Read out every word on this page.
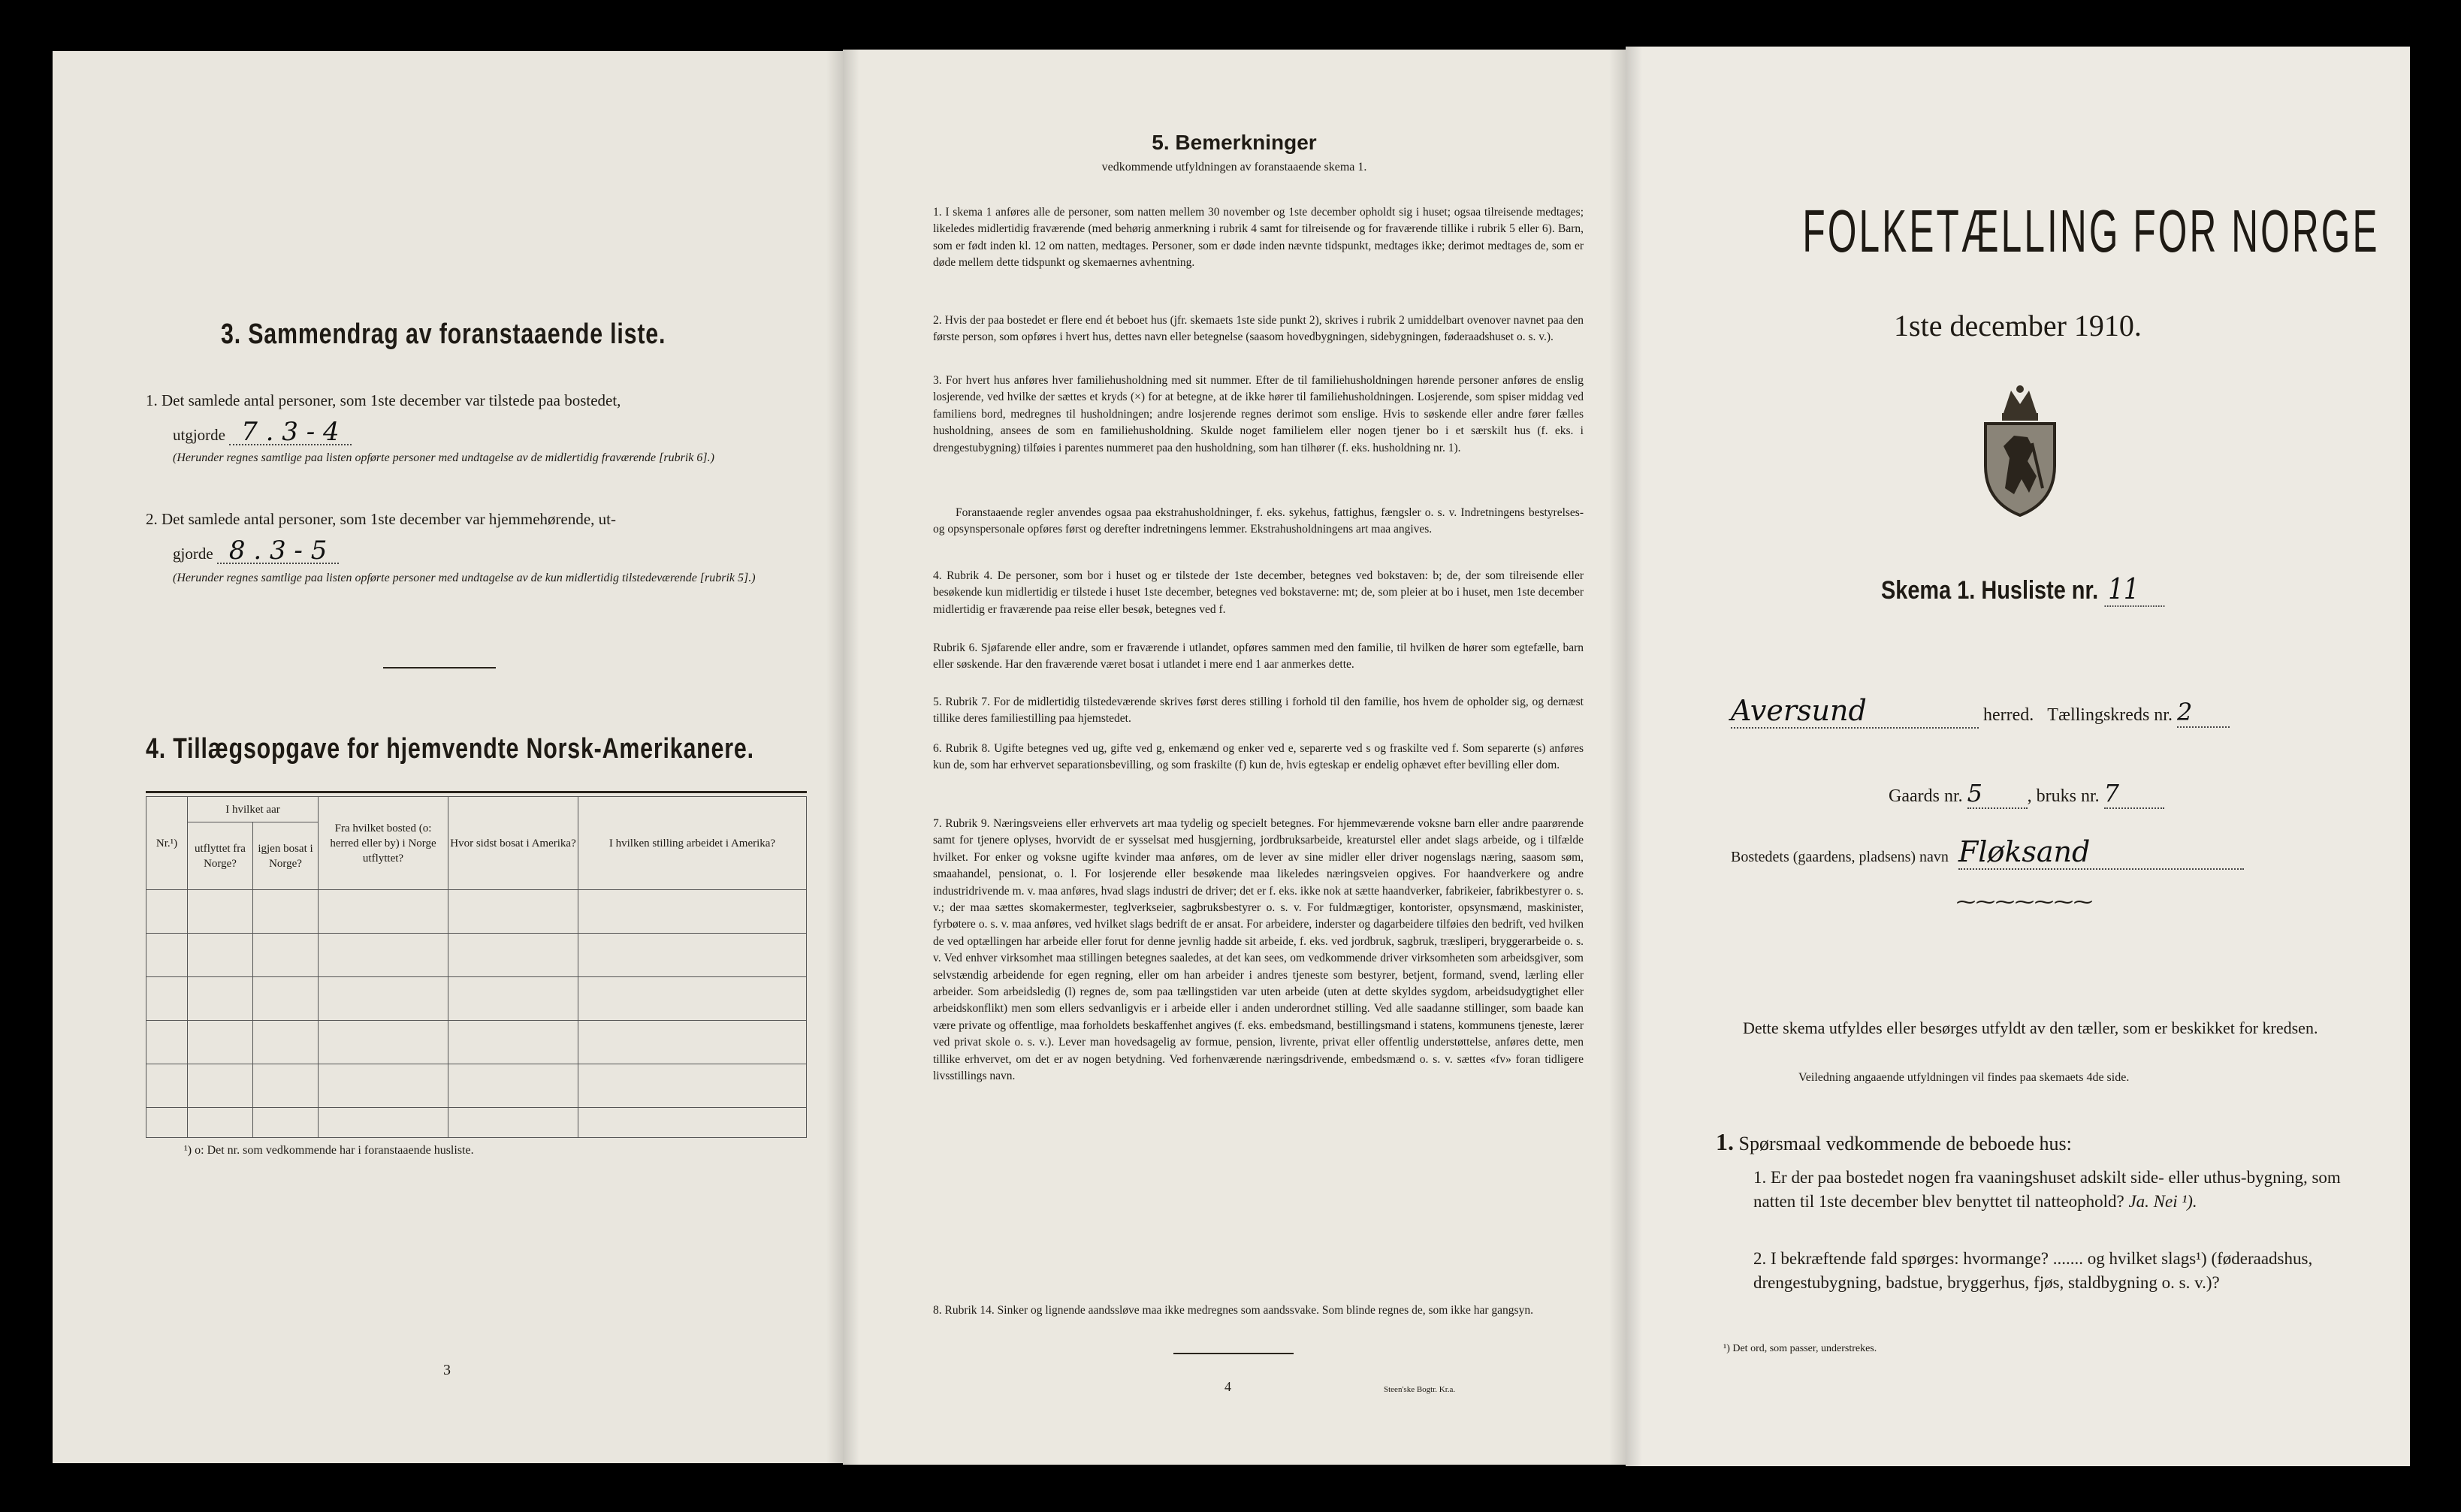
3. Sammendrag av foranstaaende liste.
1. Det samlede antal personer, som 1ste december var tilstede paa bostedet,
utgjorde 7 . 3 - 4
(Herunder regnes samtlige paa listen opførte personer med undtagelse av de midlertidig fraværende [rubrik 6].)
2. Det samlede antal personer, som 1ste december var hjemmehørende, ut-
gjorde 8 . 3 - 5
(Herunder regnes samtlige paa listen opførte personer med undtagelse av de kun midlertidig tilstedeværende [rubrik 5].)
4. Tillægsopgave for hjemvendte Norsk-Amerikanere.
Nr.¹)	I hvilket aar		Fra hvilket bosted (o: herred eller by) i Norge utflyttet?	Hvor sidst bosat i Amerika?	I hvilken stilling arbeidet i Amerika?
	utflyttet fra Norge?	igjen bosat i Norge?			

¹) o: Det nr. som vedkommende har i foranstaaende husliste.
3
5. Bemerkninger
vedkommende utfyldningen av foranstaaende skema 1.
1. I skema 1 anføres alle de personer, som natten mellem 30 november og 1ste december opholdt sig i huset; ogsaa tilreisende medtages; likeledes midlertidig fraværende (med behørig anmerkning i rubrik 4 samt for tilreisende og for fraværende tillike i rubrik 5 eller 6). Barn, som er født inden kl. 12 om natten, medtages. Personer, som er døde inden nævnte tidspunkt, medtages ikke; derimot medtages de, som er døde mellem dette tidspunkt og skemaernes avhentning.
2. Hvis der paa bostedet er flere end ét beboet hus (jfr. skemaets 1ste side punkt 2), skrives i rubrik 2 umiddelbart ovenover navnet paa den første person, som opføres i hvert hus, dettes navn eller betegnelse (saasom hovedbygningen, sidebygningen, føderaadshuset o. s. v.).
3. For hvert hus anføres hver familiehusholdning med sit nummer. Efter de til familiehusholdningen hørende personer anføres de enslig losjerende, ved hvilke der sættes et kryds (×) for at betegne, at de ikke hører til familiehusholdningen. Losjerende, som spiser middag ved familiens bord, medregnes til husholdningen; andre losjerende regnes derimot som enslige. Hvis to søskende eller andre fører fælles husholdning, ansees de som en familiehusholdning. Skulde noget familielem eller nogen tjener bo i et særskilt hus (f. eks. i drengestubygning) tilføies i parentes nummeret paa den husholdning, som han tilhører (f. eks. husholdning nr. 1).
Foranstaaende regler anvendes ogsaa paa ekstrahusholdninger, f. eks. sykehus, fattighus, fængsler o. s. v. Indretningens bestyrelses- og opsynspersonale opføres først og derefter indretningens lemmer. Ekstrahusholdningens art maa angives.
4. Rubrik 4. De personer, som bor i huset og er tilstede der 1ste december, betegnes ved bokstaven: b; de, der som tilreisende eller besøkende kun midlertidig er tilstede i huset 1ste december, betegnes ved bokstaverne: mt; de, som pleier at bo i huset, men 1ste december midlertidig er fraværende paa reise eller besøk, betegnes ved f.
Rubrik 6. Sjøfarende eller andre, som er fraværende i utlandet, opføres sammen med den familie, til hvilken de hører som egtefælle, barn eller søskende. Har den fraværende været bosat i utlandet i mere end 1 aar anmerkes dette.
5. Rubrik 7. For de midlertidig tilstedeværende skrives først deres stilling i forhold til den familie, hos hvem de opholder sig, og dernæst tillike deres familiestilling paa hjemstedet.
6. Rubrik 8. Ugifte betegnes ved ug, gifte ved g, enkemænd og enker ved e, separerte ved s og fraskilte ved f. Som separerte (s) anføres kun de, som har erhvervet separationsbevilling, og som fraskilte (f) kun de, hvis egteskap er endelig ophævet efter bevilling eller dom.
7. Rubrik 9. Næringsveiens eller erhvervets art maa tydelig og specielt betegnes. For hjemmeværende voksne barn eller andre paarørende samt for tjenere oplyses, hvorvidt de er sysselsat med husgjerning, jordbruksarbeide, kreaturstel eller andet slags arbeide, og i tilfælde hvilket. For enker og voksne ugifte kvinder maa anføres, om de lever av sine midler eller driver nogenslags næring, saasom søm, smaahandel, pensionat, o. l. For losjerende eller besøkende maa likeledes næringsveien opgives. For haandverkere og andre industridrivende m. v. maa anføres, hvad slags industri de driver; det er f. eks. ikke nok at sætte haandverker, fabrikeier, fabrikbestyrer o. s. v.; der maa sættes skomakermester, teglverkseier, sagbruksbestyrer o. s. v. For fuldmægtiger, kontorister, opsynsmænd, maskinister, fyrbøtere o. s. v. maa anføres, ved hvilket slags bedrift de er ansat. For arbeidere, inderster og dagarbeidere tilføies den bedrift, ved hvilken de ved optællingen har arbeide eller forut for denne jevnlig hadde sit arbeide, f. eks. ved jordbruk, sagbruk, træsliperi, bryggerarbeide o. s. v. Ved enhver virksomhet maa stillingen betegnes saaledes, at det kan sees, om vedkommende driver virksomheten som arbeidsgiver, som selvstændig arbeidende for egen regning, eller om han arbeider i andres tjeneste som bestyrer, betjent, formand, svend, lærling eller arbeider. Som arbeidsledig (l) regnes de, som paa tællingstiden var uten arbeide (uten at dette skyldes sygdom, arbeidsudygtighet eller arbeidskonflikt) men som ellers sedvanligvis er i arbeide eller i anden underordnet stilling. Ved alle saadanne stillinger, som baade kan være private og offentlige, maa forholdets beskaffenhet angives (f. eks. embedsmand, bestillingsmand i statens, kommunens tjeneste, lærer ved privat skole o. s. v.). Lever man hovedsagelig av formue, pension, livrente, privat eller offentlig understøttelse, anføres dette, men tillike erhvervet, om det er av nogen betydning. Ved forhenværende næringsdrivende, embedsmænd o. s. v. sættes «fv» foran tidligere livsstillings navn.
8. Rubrik 14. Sinker og lignende aandssløve maa ikke medregnes som aandssvake. Som blinde regnes de, som ikke har gangsyn.
4	Steen'ske Bogtr. Kr.a.
FOLKETÆLLING FOR NORGE
1ste december 1910.
Skema 1. Husliste nr. 11
Aversund	herred. Tællingskreds nr. 2
Gaards nr. 5 , bruks nr. 7
Bostedets (gaardens, pladsens) navn Fløksand
⁓⁓⁓⁓⁓⁓⁓
Dette skema utfyldes eller besørges utfyldt av den tæller, som er beskikket for kredsen.
Veiledning angaaende utfyldningen vil findes paa skemaets 4de side.
1. Spørsmaal vedkommende de beboede hus:
1. Er der paa bostedet nogen fra vaaningshuset adskilt side- eller uthus-bygning, som natten til 1ste december blev benyttet til natteophold? Ja. Nei ¹).
2. I bekræftende fald spørges: hvormange? ....... og hvilket slags¹) (føderaadshus, drengestubygning, badstue, bryggerhus, fjøs, staldbygning o. s. v.)?
¹) Det ord, som passer, understrekes.
